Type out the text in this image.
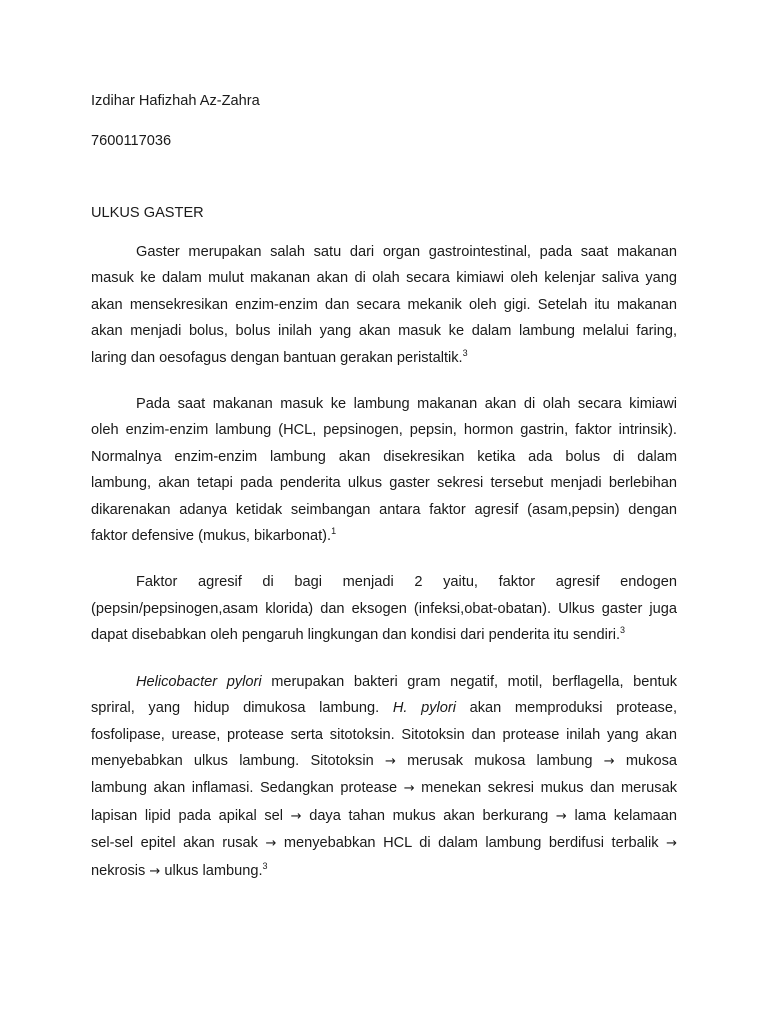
Izdihar Hafizhah Az-Zahra

7600117036

ULKUS GASTER

Gaster merupakan salah satu dari organ gastrointestinal, pada saat makanan
masuk ke dalam mulut makanan akan di olah secara kimiawi oleh kelenjar saliva yang
akan mensekresikan enzim-enzim dan secara mekanik oleh gigi. Setelah itu makanan
akan menjadi bolus, bolus inilah yang akan masuk ke dalam lambung melalui faring,
laring dan oesofagus dengan bantuan gerakan peristaltik.$^3$
Pada saat makanan masuk ke lambung makanan akan di olah secara kimiawi
oleh enzim-enzim lambung (HCL, pepsinogen, pepsin, hormon gastrin, faktor intrinsik).
Normalnya enzim-enzim lambung akan disekresikan ketika ada bolus di dalam
lambung, akan tetapi pada penderita ulkus gaster sekresi tersebut menjadi berlebihan
dikarenakan adanya ketidak seimbangan antara faktor agresif (asam,pepsin) dengan
faktor defensive (mukus, bikarbonat).$^1$
Faktor agresif di bagi menjadi 2 yaitu, faktor agresif endogen
(pepsin/pepsinogen,asam klorida) dan eksogen (infeksi,obat-obatan). Ulkus gaster juga
dapat disebabkan oleh pengaruh lingkungan dan kondisi dari penderita itu sendiri.$^3$
Helicobacter pylori merupakan bakteri gram negatif, motil, berflagella, bentuk
spriral, yang hidup dimukosa lambung. H. pylori akan memproduksi protease,
fosfolipase, urease, protease serta sitotoksin. Sitotoksin dan protease inilah yang akan
menyebabkan ulkus lambung. Sitotoksin → merusak mukosa lambung → mukosa
lambung akan inflamasi. Sedangkan protease → menekan sekresi mukus dan merusak
lapisan lipid pada apikal sel → daya tahan mukus akan berkurang → lama kelamaan
sel-sel epitel akan rusak → menyebabkan HCL di dalam lambung berdifusi terbalik →
nekrosis → ulkus lambung.$^3$
